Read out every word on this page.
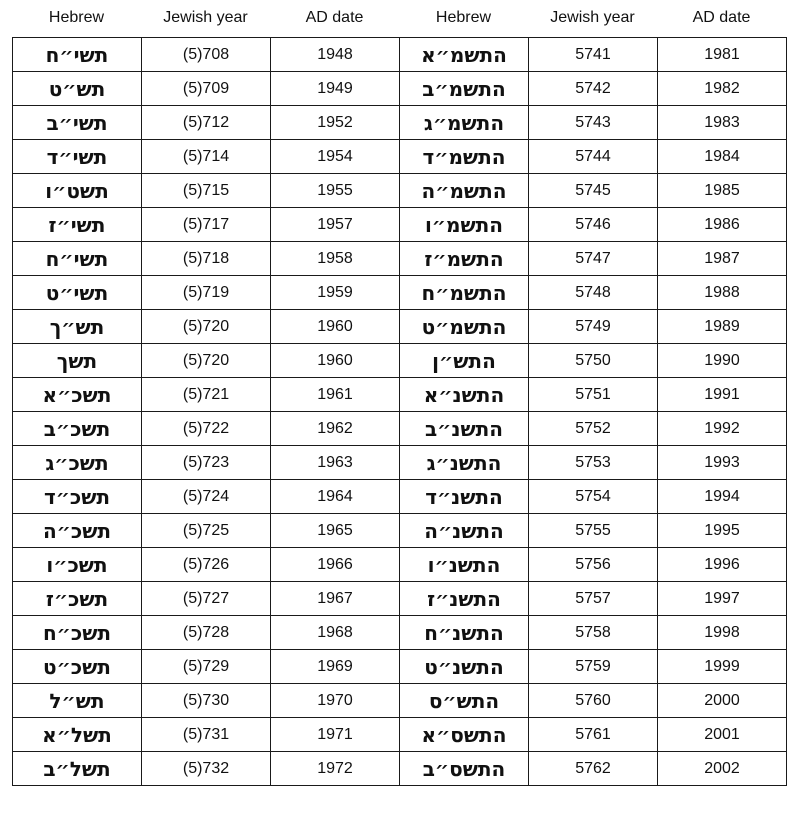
Hebrew	Jewish year	AD date	Hebrew	Jewish year	AD date
תשי״ח	(5)708	1948	התשמ״א	5741	1981
תש״ט	(5)709	1949	התשמ״ב	5742	1982
תשי״ב	(5)712	1952	התשמ״ג	5743	1983
תשי״ד	(5)714	1954	התשמ״ד	5744	1984
תשט״ו	(5)715	1955	התשמ״ה	5745	1985
תשי״ז	(5)717	1957	התשמ״ו	5746	1986
תשי״ח	(5)718	1958	התשמ״ז	5747	1987
תשי״ט	(5)719	1959	התשמ״ח	5748	1988
תש״ך	(5)720	1960	התשמ״ט	5749	1989
תשך	(5)720	1960	התש״ן	5750	1990
תשכ״א	(5)721	1961	התשנ״א	5751	1991
תשכ״ב	(5)722	1962	התשנ״ב	5752	1992
תשכ״ג	(5)723	1963	התשנ״ג	5753	1993
תשכ״ד	(5)724	1964	התשנ״ד	5754	1994
תשכ״ה	(5)725	1965	התשנ״ה	5755	1995
תשכ״ו	(5)726	1966	התשנ״ו	5756	1996
תשכ״ז	(5)727	1967	התשנ״ז	5757	1997
תשכ״ח	(5)728	1968	התשנ״ח	5758	1998
תשכ״ט	(5)729	1969	התשנ״ט	5759	1999
תש״ל	(5)730	1970	התש״ס	5760	2000
תשל״א	(5)731	1971	התשס״א	5761	2001
תשל״ב	(5)732	1972	התשס״ב	5762	2002
